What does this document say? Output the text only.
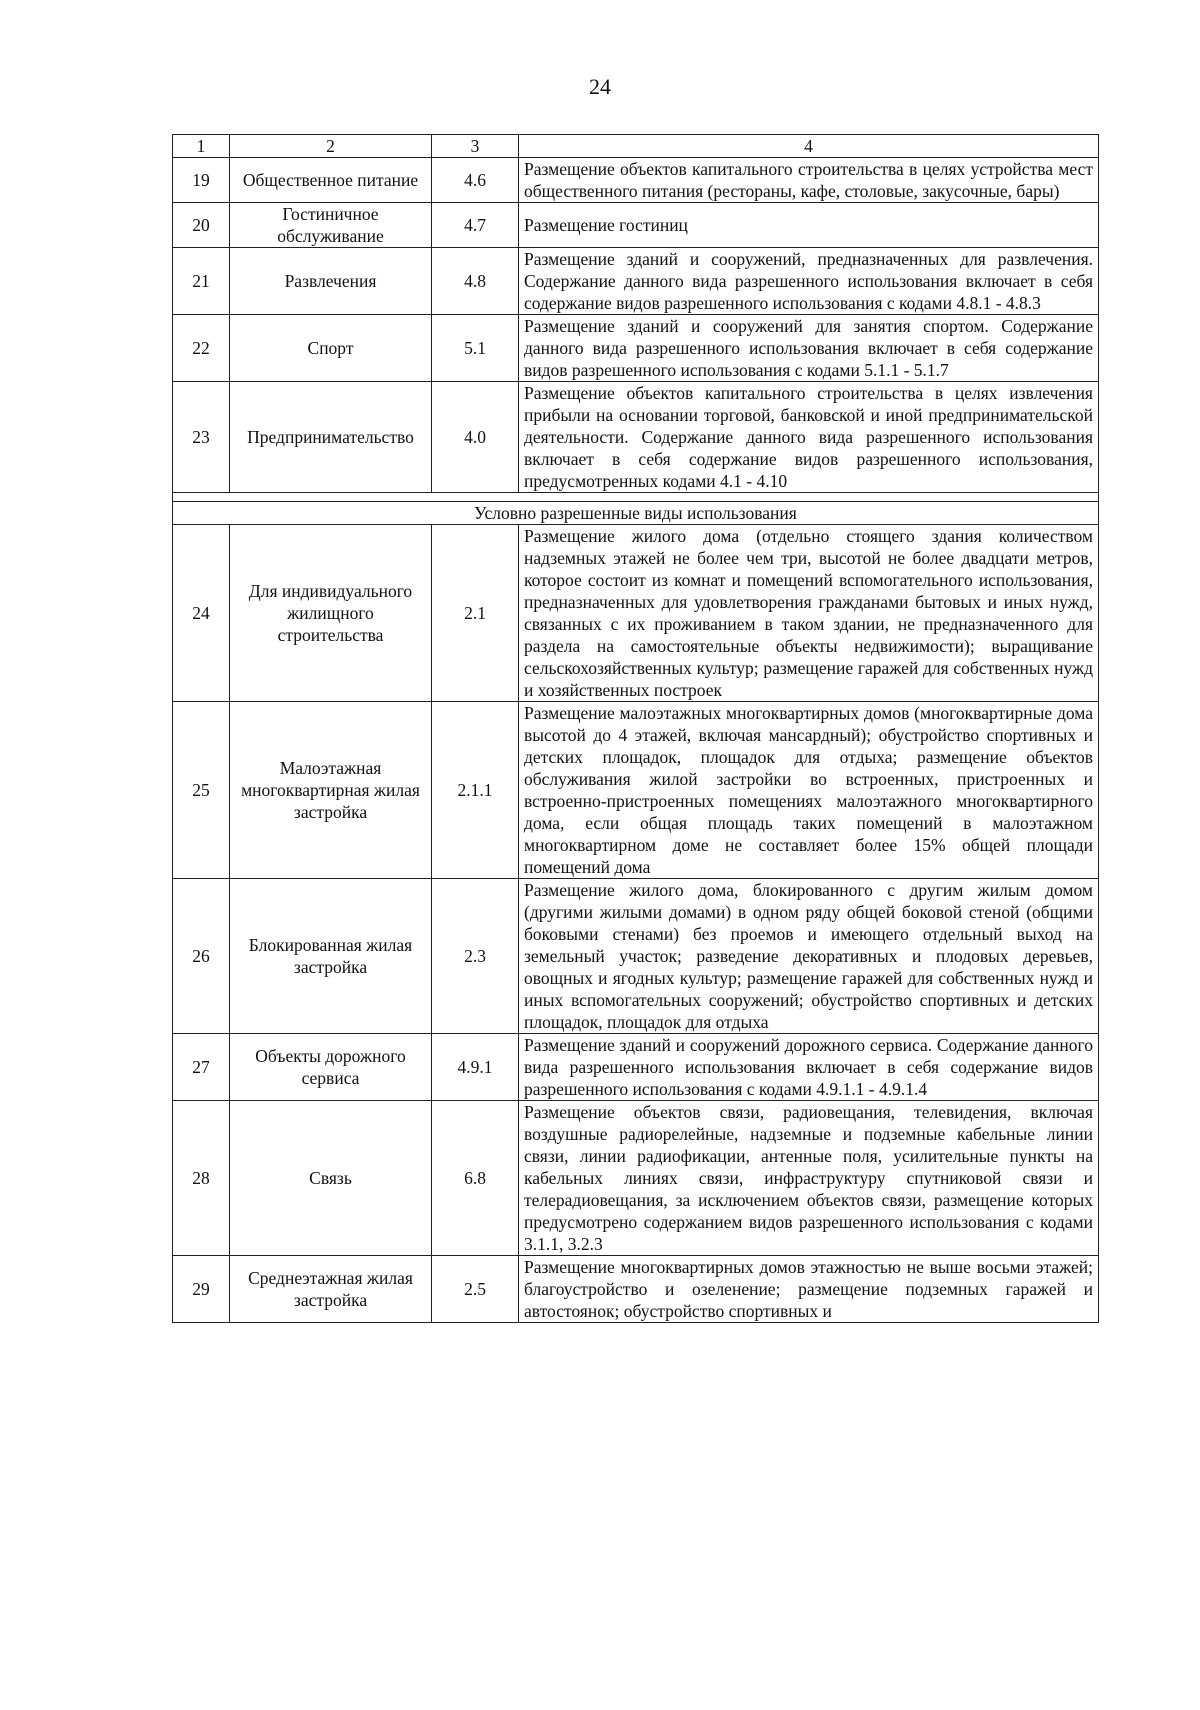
24
1	2	3	4
19	Общественное питание	4.6	Размещение объектов капитального строительства в целях устройства мест общественного питания (рестораны, кафе, столовые, закусочные, бары)
20	Гостиничное обслуживание	4.7	Размещение гостиниц
21	Развлечения	4.8	Размещение зданий и сооружений, предназначенных для развлечения. Содержание данного вида разрешенного использования включает в себя содержание видов разрешенного использования с кодами 4.8.1 - 4.8.3
22	Спорт	5.1	Размещение зданий и сооружений для занятия спортом. Содержание данного вида разрешенного использования включает в себя содержание видов разрешенного использования с кодами 5.1.1 - 5.1.7
23	Предпринимательство	4.0	Размещение объектов капитального строительства в целях извлечения прибыли на основании торговой, банковской и иной предпринимательской деятельности. Содержание данного вида разрешенного использования включает в себя содержание видов разрешенного использования, предусмотренных кодами 4.1 - 4.10

Условно разрешенные виды использования			
24	Для индивидуального жилищного строительства	2.1	Размещение жилого дома (отдельно стоящего здания количеством надземных этажей не более чем три, высотой не более двадцати метров, которое состоит из комнат и помещений вспомогательного использования, предназначенных для удовлетворения гражданами бытовых и иных нужд, связанных с их проживанием в таком здании, не предназначенного для раздела на самостоятельные объекты недвижимости); выращивание сельскохозяйственных культур; размещение гаражей для собственных нужд и хозяйственных построек
25	Малоэтажная многоквартирная жилая застройка	2.1.1	Размещение малоэтажных многоквартирных домов (многоквартирные дома высотой до 4 этажей, включая мансардный); обустройство спортивных и детских площадок, площадок для отдыха; размещение объектов обслуживания жилой застройки во встроенных, пристроенных и встроенно-пристроенных помещениях малоэтажного многоквартирного дома, если общая площадь таких помещений в малоэтажном многоквартирном доме не составляет более 15% общей площади помещений дома
26	Блокированная жилая застройка	2.3	Размещение жилого дома, блокированного с другим жилым домом (другими жилыми домами) в одном ряду общей боковой стеной (общими боковыми стенами) без проемов и имеющего отдельный выход на земельный участок; разведение декоративных и плодовых деревьев, овощных и ягодных культур; размещение гаражей для собственных нужд и иных вспомогательных сооружений; обустройство спортивных и детских площадок, площадок для отдыха
27	Объекты дорожного сервиса	4.9.1	Размещение зданий и сооружений дорожного сервиса. Содержание данного вида разрешенного использования включает в себя содержание видов разрешенного использования с кодами 4.9.1.1 - 4.9.1.4
28	Связь	6.8	Размещение объектов связи, радиовещания, телевидения, включая воздушные радиорелейные, надземные и подземные кабельные линии связи, линии радиофикации, антенные поля, усилительные пункты на кабельных линиях связи, инфраструктуру спутниковой связи и телерадиовещания, за исключением объектов связи, размещение которых предусмотрено содержанием видов разрешенного использования с кодами 3.1.1, 3.2.3
29	Среднеэтажная жилая застройка	2.5	Размещение многоквартирных домов этажностью не выше восьми этажей; благоустройство и озеленение; размещение подземных гаражей и автостоянок; обустройство спортивных и
